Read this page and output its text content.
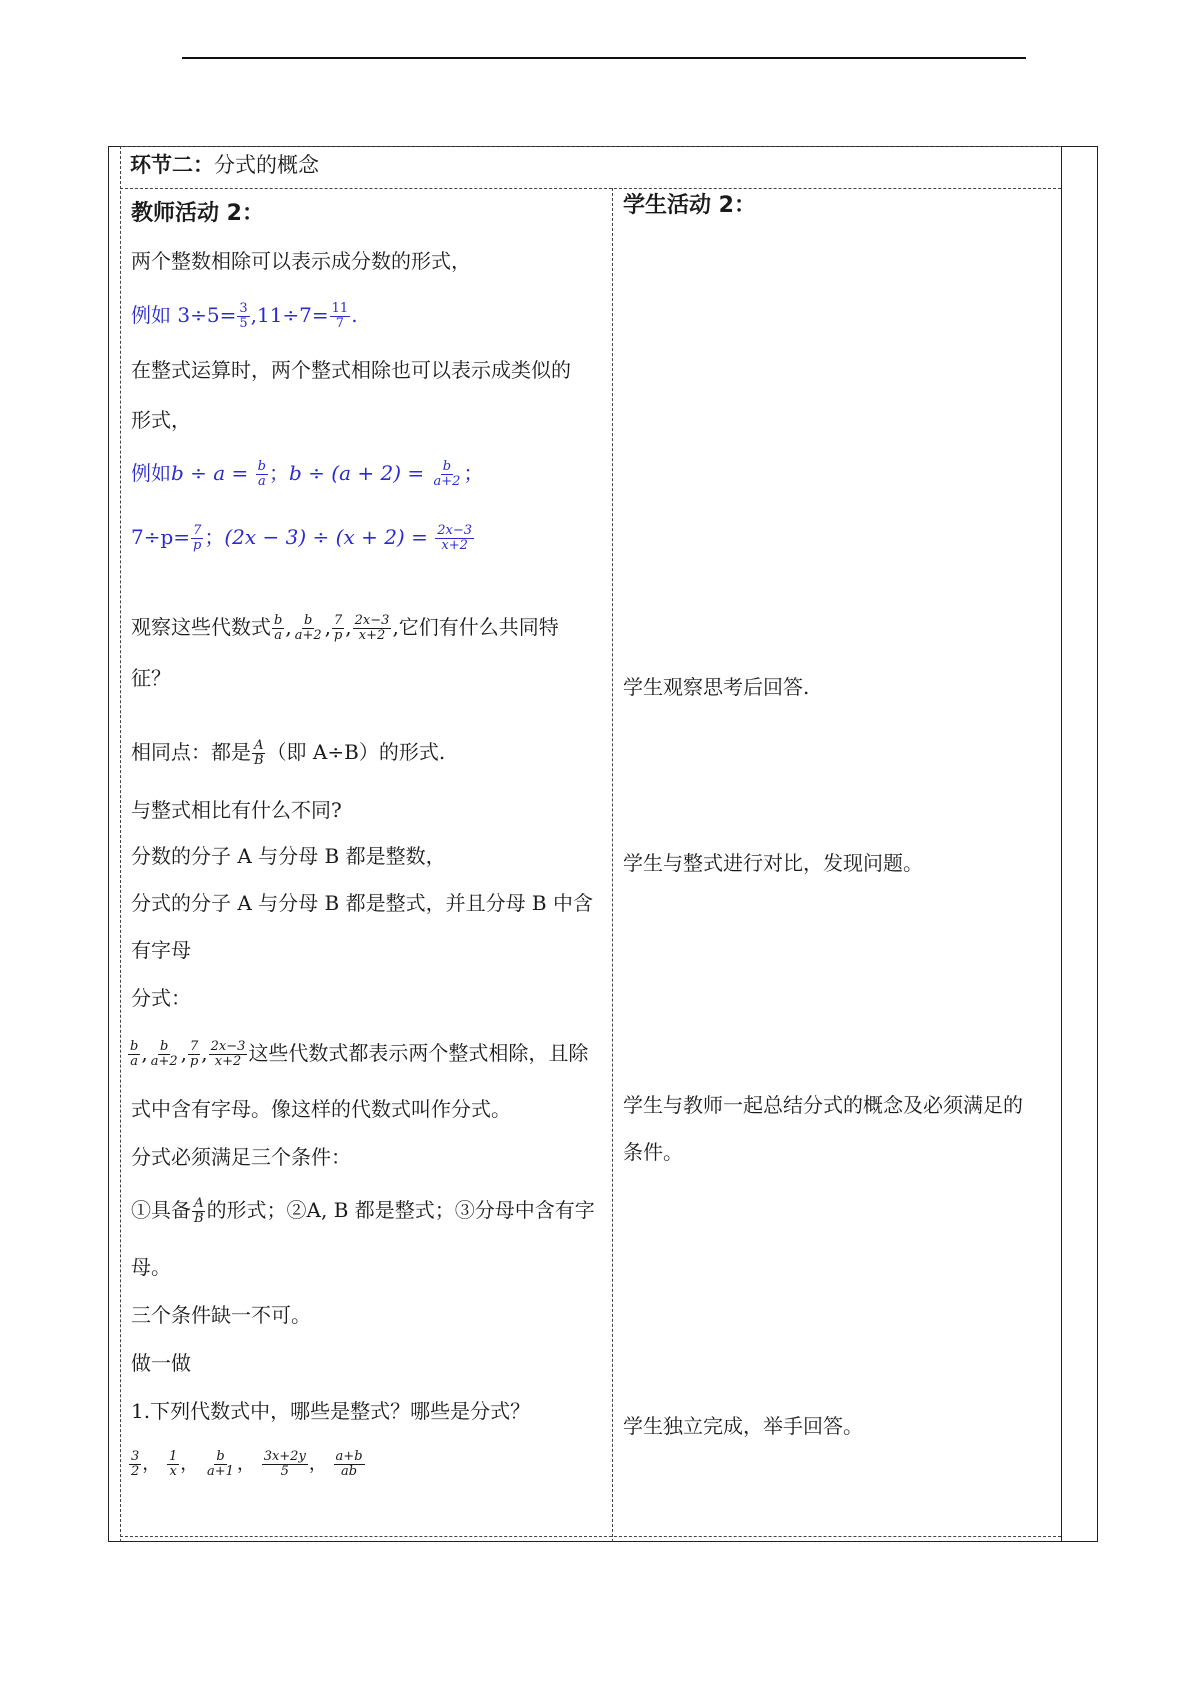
环节二：分式的概念
教师活动 2：	学生活动 2：
两个整数相除可以表示成分数的形式，
例如 $3\div 5= \frac{3}{5} ,11\div 7= \frac{11}{7}$ .
在整式运算时，两个整式相除也可以表示成类似的
形式，
例如$b \div a = \frac{b}{a}$ ；$b \div (a + 2) = \frac{b}{a+2}$ ；
$7\div p= \frac{7}{p}$ ；$(2x - 3) \div (x + 2) = \frac{2x-3}{x+2}$
观察这些代数式 $\frac{b}{a}$ , $\frac{b}{a+2}$ , $\frac{7}{p}$ , $\frac{2x-3}{x+2}$ ,它们有什么共同特
征？
相同点：都是 $\frac{A}{B}$ （即 A÷B）的形式.
与整式相比有什么不同?
分数的分子 A 与分母 B 都是整数，
分式的分子 A 与分母 B 都是整式，并且分母 B 中含
有字母
分式：
$\frac{b}{a}$ , $\frac{b}{a+2}$ , $\frac{7}{p}$ , $\frac{2x-3}{x+2}$ 这些代数式都表示两个整式相除，且除
式中含有字母。像这样的代数式叫作分式。
分式必须满足三个条件：
①具备 $\frac{A}{B}$ 的形式；②A, B 都是整式；③分母中含有字
母。
三个条件缺一不可。
做一做
1.下列代数式中，哪些是整式？哪些是分式？
$\frac{3}{2}$ ， $\frac{1}{x}$ ， $\frac{b}{a+1}$ ， $\frac{3x+2y}{5}$ ， $\frac{a+b}{ab}$
学生观察思考后回答.
学生与整式进行对比，发现问题。
学生与教师一起总结分式的概念及必须满足的
条件。
学生独立完成，举手回答。
